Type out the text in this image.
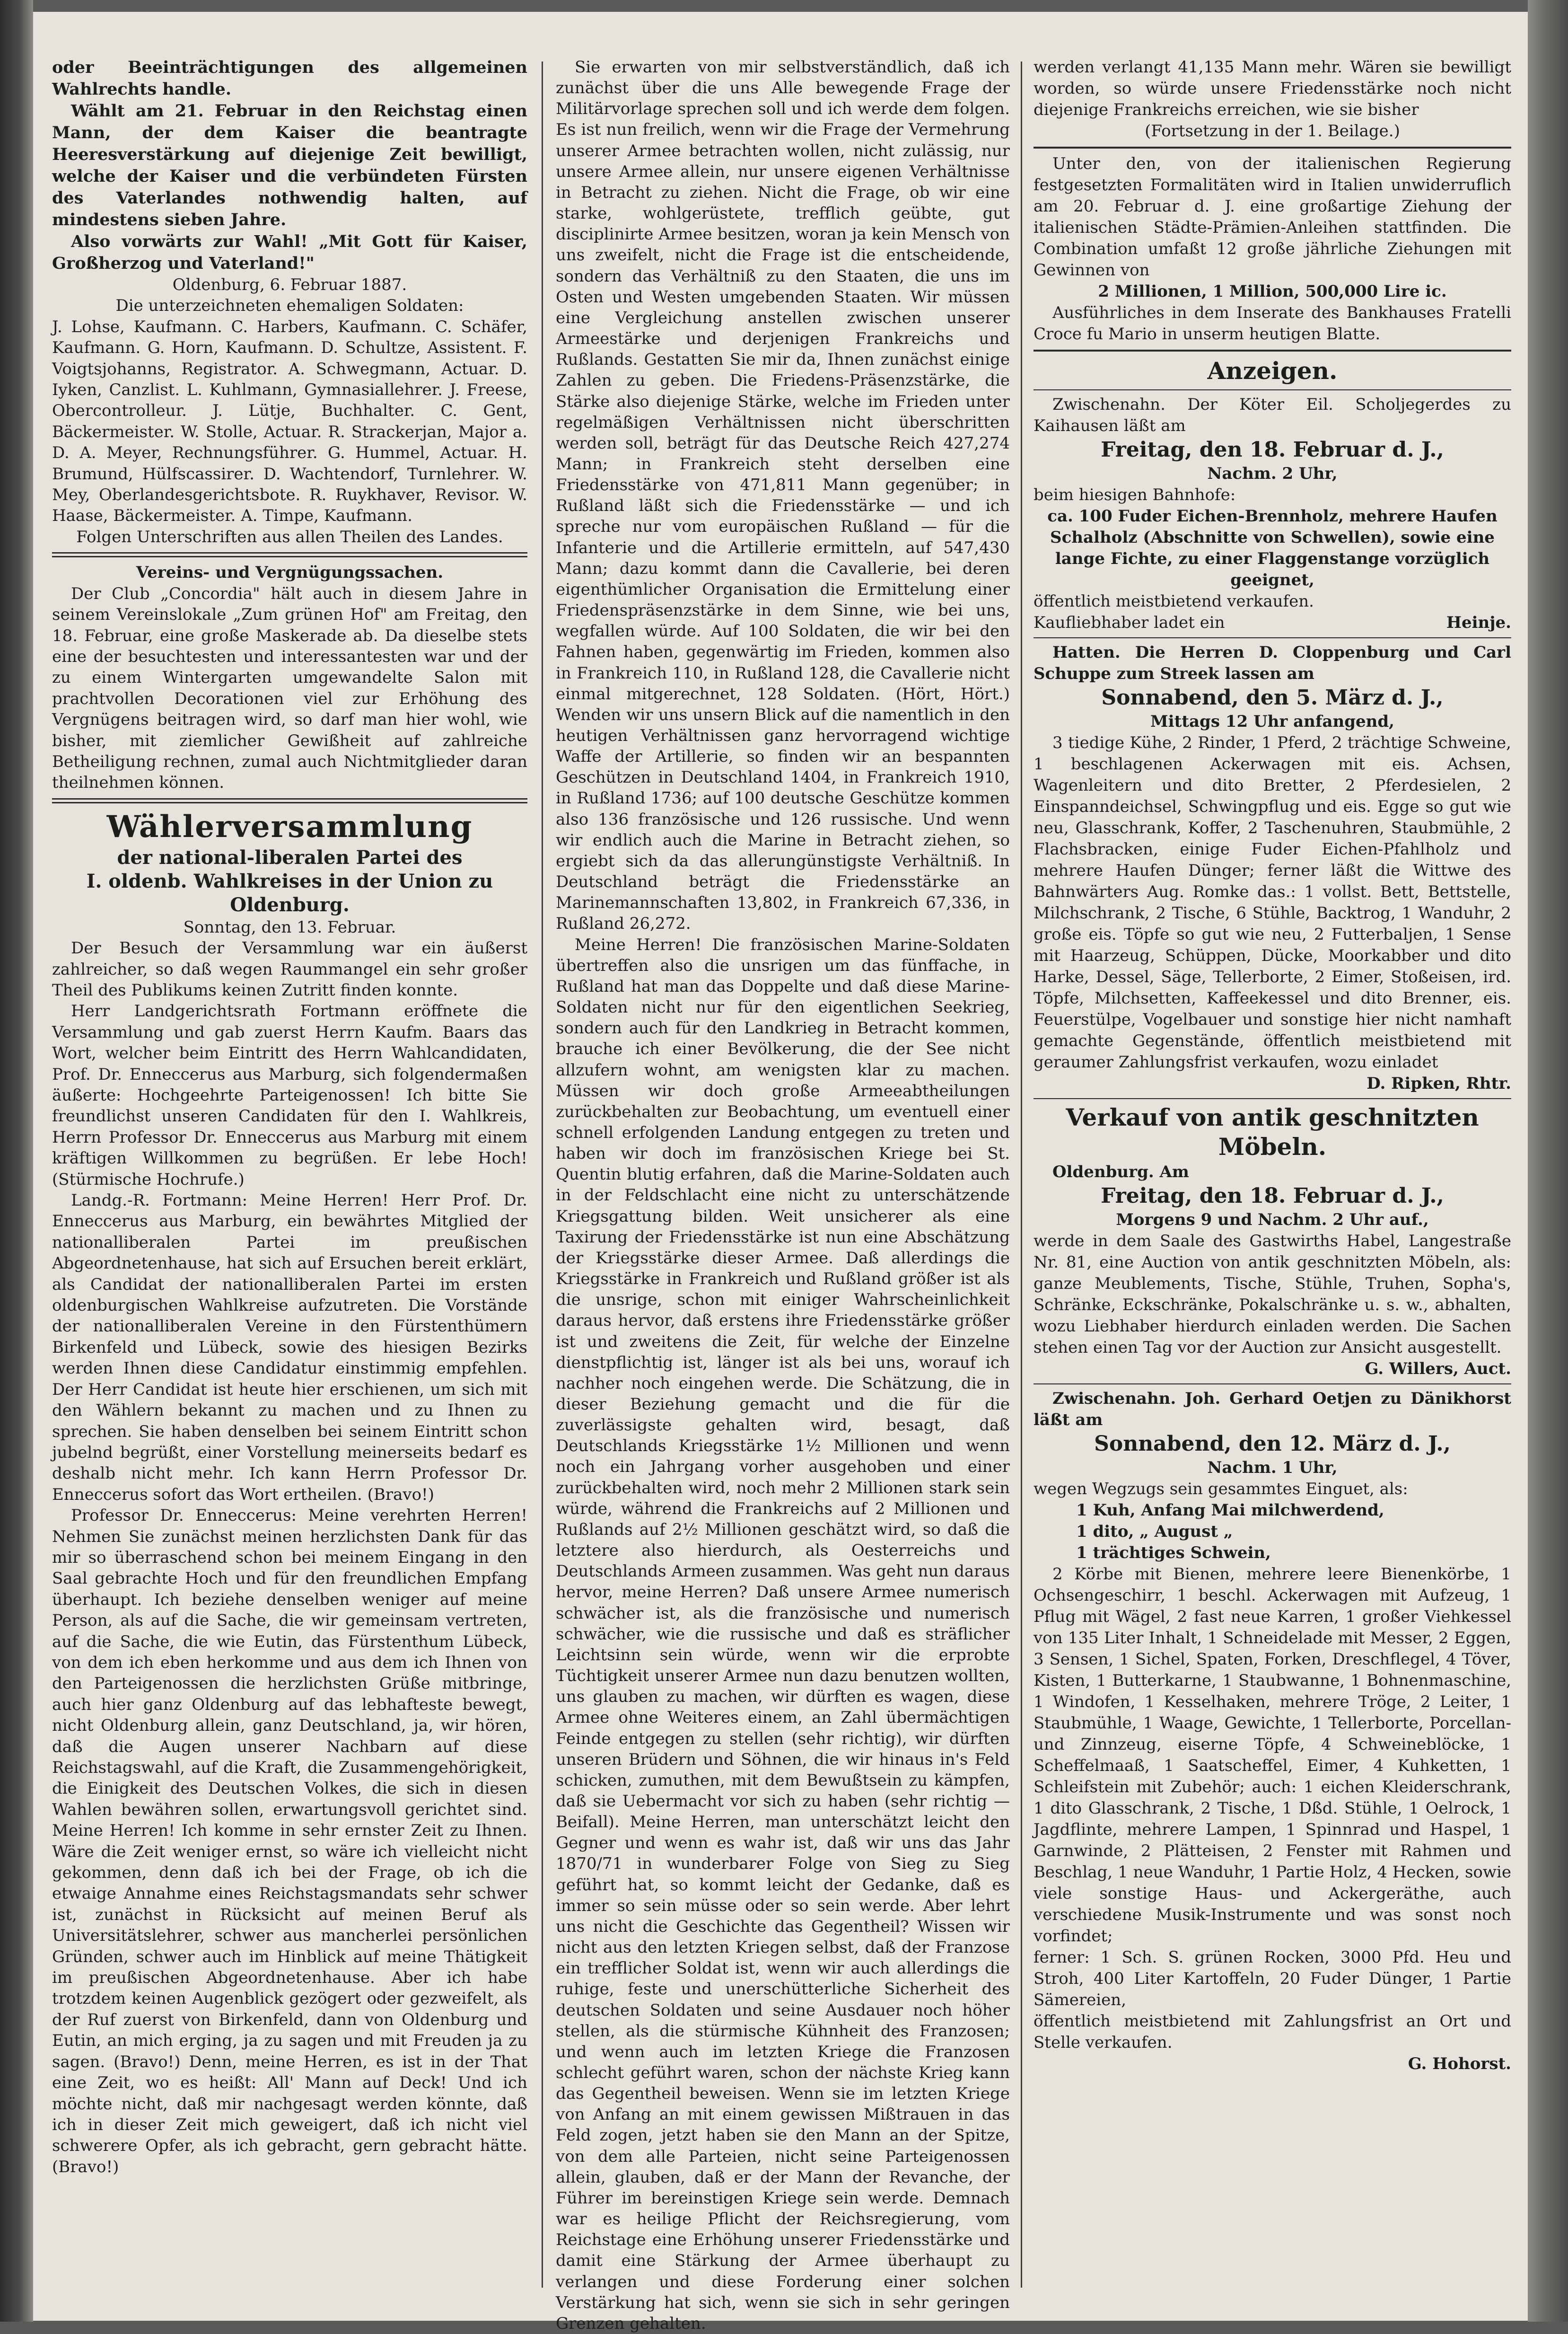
oder Beeinträchtigungen des allgemeinen Wahlrechts handle.

Wählt am 21. Februar in den Reichstag einen Mann, der dem Kaiser die beantragte Heeresverstärkung auf diejenige Zeit bewilligt, welche der Kaiser und die verbündeten Fürsten des Vaterlandes nothwendig halten, auf mindestens sieben Jahre.

Also vorwärts zur Wahl! „Mit Gott für Kaiser, Großherzog und Vaterland!"

Oldenburg, 6. Februar 1887.

Die unterzeichneten ehemaligen Soldaten:

J. Lohse, Kaufmann. C. Harbers, Kaufmann. C. Schäfer, Kaufmann. G. Horn, Kaufmann. D. Schultze, Assistent. F. Voigtsjohanns, Registrator. A. Schwegmann, Actuar. D. Iyken, Canzlist. L. Kuhlmann, Gymnasiallehrer. J. Freese, Obercontrolleur. J. Lütje, Buchhalter. C. Gent, Bäckermeister. W. Stolle, Actuar. R. Strackerjan, Major a. D. A. Meyer, Rechnungsführer. G. Hummel, Actuar. H. Brumund, Hülfscassirer. D. Wachtendorf, Turnlehrer. W. Mey, Oberlandesgerichtsbote. R. Ruykhaver, Revisor. W. Haase, Bäckermeister. A. Timpe, Kaufmann.

Folgen Unterschriften aus allen Theilen des Landes.

Vereins- und Vergnügungssachen.

Der Club „Concordia" hält auch in diesem Jahre in seinem Vereinslokale „Zum grünen Hof" am Freitag, den 18. Februar, eine große Maskerade ab. Da dieselbe stets eine der besuchtesten und interessantesten war und der zu einem Wintergarten umgewandelte Salon mit prachtvollen Decorationen viel zur Erhöhung des Vergnügens beitragen wird, so darf man hier wohl, wie bisher, mit ziemlicher Gewißheit auf zahlreiche Betheiligung rechnen, zumal auch Nichtmitglieder daran theilnehmen können.

Wählerversammlung

der national-liberalen Partei des

I. oldenb. Wahlkreises in der Union zu

Oldenburg.

Sonntag, den 13. Februar.

Der Besuch der Versammlung war ein äußerst zahlreicher, so daß wegen Raummangel ein sehr großer Theil des Publikums keinen Zutritt finden konnte.

Herr Landgerichtsrath Fortmann eröffnete die Versammlung und gab zuerst Herrn Kaufm. Baars das Wort, welcher beim Eintritt des Herrn Wahlcandidaten, Prof. Dr. Enneccerus aus Marburg, sich folgendermaßen äußerte: Hochgeehrte Parteigenossen! Ich bitte Sie freundlichst unseren Candidaten für den I. Wahlkreis, Herrn Professor Dr. Enneccerus aus Marburg mit einem kräftigen Willkommen zu begrüßen. Er lebe Hoch! (Stürmische Hochrufe.)

Landg.-R. Fortmann: Meine Herren! Herr Prof. Dr. Enneccerus aus Marburg, ein bewährtes Mitglied der nationalliberalen Partei im preußischen Abgeordnetenhause, hat sich auf Ersuchen bereit erklärt, als Candidat der nationalliberalen Partei im ersten oldenburgischen Wahlkreise aufzutreten. Die Vorstände der nationalliberalen Vereine in den Fürstenthümern Birkenfeld und Lübeck, sowie des hiesigen Bezirks werden Ihnen diese Candidatur einstimmig empfehlen. Der Herr Candidat ist heute hier erschienen, um sich mit den Wählern bekannt zu machen und zu Ihnen zu sprechen. Sie haben denselben bei seinem Eintritt schon jubelnd begrüßt, einer Vorstellung meinerseits bedarf es deshalb nicht mehr. Ich kann Herrn Professor Dr. Enneccerus sofort das Wort ertheilen. (Bravo!)

Professor Dr. Enneccerus: Meine verehrten Herren! Nehmen Sie zunächst meinen herzlichsten Dank für das mir so überraschend schon bei meinem Eingang in den Saal gebrachte Hoch und für den freundlichen Empfang überhaupt. Ich beziehe denselben weniger auf meine Person, als auf die Sache, die wir gemeinsam vertreten, auf die Sache, die wie Eutin, das Fürstenthum Lübeck, von dem ich eben herkomme und aus dem ich Ihnen von den Parteigenossen die herzlichsten Grüße mitbringe, auch hier ganz Oldenburg auf das lebhafteste bewegt, nicht Oldenburg allein, ganz Deutschland, ja, wir hören, daß die Augen unserer Nachbarn auf diese Reichstagswahl, auf die Kraft, die Zusammengehörigkeit, die Einigkeit des Deutschen Volkes, die sich in diesen Wahlen bewähren sollen, erwartungsvoll gerichtet sind. Meine Herren! Ich komme in sehr ernster Zeit zu Ihnen. Wäre die Zeit weniger ernst, so wäre ich vielleicht nicht gekommen, denn daß ich bei der Frage, ob ich die etwaige Annahme eines Reichstagsmandats sehr schwer ist, zunächst in Rücksicht auf meinen Beruf als Universitätslehrer, schwer aus mancherlei persönlichen Gründen, schwer auch im Hinblick auf meine Thätigkeit im preußischen Abgeordnetenhause. Aber ich habe trotzdem keinen Augenblick gezögert oder gezweifelt, als der Ruf zuerst von Birkenfeld, dann von Oldenburg und Eutin, an mich erging, ja zu sagen und mit Freuden ja zu sagen. (Bravo!) Denn, meine Herren, es ist in der That eine Zeit, wo es heißt: All' Mann auf Deck! Und ich möchte nicht, daß mir nachgesagt werden könnte, daß ich in dieser Zeit mich geweigert, daß ich nicht viel schwerere Opfer, als ich gebracht, gern gebracht hätte. (Bravo!)

Sie erwarten von mir selbstverständlich, daß ich zunächst über die uns Alle bewegende Frage der Militärvorlage sprechen soll und ich werde dem folgen. Es ist nun freilich, wenn wir die Frage der Vermehrung unserer Armee betrachten wollen, nicht zulässig, nur unsere Armee allein, nur unsere eigenen Verhältnisse in Betracht zu ziehen. Nicht die Frage, ob wir eine starke, wohlgerüstete, trefflich geübte, gut disciplinirte Armee besitzen, woran ja kein Mensch von uns zweifelt, nicht die Frage ist die entscheidende, sondern das Verhältniß zu den Staaten, die uns im Osten und Westen umgebenden Staaten. Wir müssen eine Vergleichung anstellen zwischen unserer Armeestärke und derjenigen Frankreichs und Rußlands. Gestatten Sie mir da, Ihnen zunächst einige Zahlen zu geben. Die Friedens-Präsenzstärke, die Stärke also diejenige Stärke, welche im Frieden unter regelmäßigen Verhältnissen nicht überschritten werden soll, beträgt für das Deutsche Reich 427,274 Mann; in Frankreich steht derselben eine Friedensstärke von 471,811 Mann gegenüber; in Rußland läßt sich die Friedensstärke — und ich spreche nur vom europäischen Rußland — für die Infanterie und die Artillerie ermitteln, auf 547,430 Mann; dazu kommt dann die Cavallerie, bei deren eigenthümlicher Organisation die Ermittelung einer Friedenspräsenzstärke in dem Sinne, wie bei uns, wegfallen würde. Auf 100 Soldaten, die wir bei den Fahnen haben, gegenwärtig im Frieden, kommen also in Frankreich 110, in Rußland 128, die Cavallerie nicht einmal mitgerechnet, 128 Soldaten. (Hört, Hört.) Wenden wir uns unsern Blick auf die namentlich in den heutigen Verhältnissen ganz hervorragend wichtige Waffe der Artillerie, so finden wir an bespannten Geschützen in Deutschland 1404, in Frankreich 1910, in Rußland 1736; auf 100 deutsche Geschütze kommen also 136 französische und 126 russische. Und wenn wir endlich auch die Marine in Betracht ziehen, so ergiebt sich da das allerungünstigste Verhältniß. In Deutschland beträgt die Friedensstärke an Marinemannschaften 13,802, in Frankreich 67,336, in Rußland 26,272.

Meine Herren! Die französischen Marine-Soldaten übertreffen also die unsrigen um das fünffache, in Rußland hat man das Doppelte und daß diese Marine-Soldaten nicht nur für den eigentlichen Seekrieg, sondern auch für den Landkrieg in Betracht kommen, brauche ich einer Bevölkerung, die der See nicht allzufern wohnt, am wenigsten klar zu machen. Müssen wir doch große Armeeabtheilungen zurückbehalten zur Beobachtung, um eventuell einer schnell erfolgenden Landung entgegen zu treten und haben wir doch im französischen Kriege bei St. Quentin blutig erfahren, daß die Marine-Soldaten auch in der Feldschlacht eine nicht zu unterschätzende Kriegsgattung bilden. Weit unsicherer als eine Taxirung der Friedensstärke ist nun eine Abschätzung der Kriegsstärke dieser Armee. Daß allerdings die Kriegsstärke in Frankreich und Rußland größer ist als die unsrige, schon mit einiger Wahrscheinlichkeit daraus hervor, daß erstens ihre Friedensstärke größer ist und zweitens die Zeit, für welche der Einzelne dienstpflichtig ist, länger ist als bei uns, worauf ich nachher noch eingehen werde. Die Schätzung, die in dieser Beziehung gemacht und die für die zuverlässigste gehalten wird, besagt, daß Deutschlands Kriegsstärke 1½ Millionen und wenn noch ein Jahrgang vorher ausgehoben und einer zurückbehalten wird, noch mehr 2 Millionen stark sein würde, während die Frankreichs auf 2 Millionen und Rußlands auf 2½ Millionen geschätzt wird, so daß die letztere also hierdurch, als Oesterreichs und Deutschlands Armeen zusammen. Was geht nun daraus hervor, meine Herren? Daß unsere Armee numerisch schwächer ist, als die französische und numerisch schwächer, wie die russische und daß es sträflicher Leichtsinn sein würde, wenn wir die erprobte Tüchtigkeit unserer Armee nun dazu benutzen wollten, uns glauben zu machen, wir dürften es wagen, diese Armee ohne Weiteres einem, an Zahl übermächtigen Feinde entgegen zu stellen (sehr richtig), wir dürften unseren Brüdern und Söhnen, die wir hinaus in's Feld schicken, zumuthen, mit dem Bewußtsein zu kämpfen, daß sie Uebermacht vor sich zu haben (sehr richtig — Beifall). Meine Herren, man unterschätzt leicht den Gegner und wenn es wahr ist, daß wir uns das Jahr 1870/71 in wunderbarer Folge von Sieg zu Sieg geführt hat, so kommt leicht der Gedanke, daß es immer so sein müsse oder so sein werde. Aber lehrt uns nicht die Geschichte das Gegentheil? Wissen wir nicht aus den letzten Kriegen selbst, daß der Franzose ein trefflicher Soldat ist, wenn wir auch allerdings die ruhige, feste und unerschütterliche Sicherheit des deutschen Soldaten und seine Ausdauer noch höher stellen, als die stürmische Kühnheit des Franzosen; und wenn auch im letzten Kriege die Franzosen schlecht geführt waren, schon der nächste Krieg kann das Gegentheil beweisen. Wenn sie im letzten Kriege von Anfang an mit einem gewissen Mißtrauen in das Feld zogen, jetzt haben sie den Mann an der Spitze, von dem alle Parteien, nicht seine Parteigenossen allein, glauben, daß er der Mann der Revanche, der Führer im bereinstigen Kriege sein werde. Demnach war es heilige Pflicht der Reichsregierung, vom Reichstage eine Erhöhung unserer Friedensstärke und damit eine Stärkung der Armee überhaupt zu verlangen und diese Forderung einer solchen Verstärkung hat sich, wenn sie sich in sehr geringen Grenzen gehalten.

werden verlangt 41,135 Mann mehr. Wären sie bewilligt worden, so würde unsere Friedensstärke noch nicht diejenige Frankreichs erreichen, wie sie bisher

(Fortsetzung in der 1. Beilage.)

Unter den, von der italienischen Regierung festgesetzten Formalitäten wird in Italien unwiderruflich am 20. Februar d. J. eine großartige Ziehung der italienischen Städte-Prämien-Anleihen stattfinden. Die Combination umfaßt 12 große jährliche Ziehungen mit Gewinnen von

2 Millionen, 1 Million, 500,000 Lire ic.

Ausführliches in dem Inserate des Bankhauses Fratelli Croce fu Mario in unserm heutigen Blatte.

Anzeigen.

Zwischenahn. Der Köter Eil. Scholjegerdes zu Kaihausen läßt am

Freitag, den 18. Februar d. J.,

Nachm. 2 Uhr,

beim hiesigen Bahnhofe:

ca. 100 Fuder Eichen-Brennholz, mehrere Haufen Schalholz (Abschnitte von Schwellen), sowie eine lange Fichte, zu einer Flaggenstange vorzüglich geeignet,

öffentlich meistbietend verkaufen.

Kaufliebhaber ladet ein	Heinje.

Hatten. Die Herren D. Cloppenburg und Carl Schuppe zum Streek lassen am

Sonnabend, den 5. März d. J.,

Mittags 12 Uhr anfangend,

3 tiedige Kühe, 2 Rinder, 1 Pferd, 2 trächtige Schweine, 1 beschlagenen Ackerwagen mit eis. Achsen, Wagenleitern und dito Bretter, 2 Pferdesielen, 2 Einspanndeichsel, Schwingpflug und eis. Egge so gut wie neu, Glasschrank, Koffer, 2 Taschenuhren, Staubmühle, 2 Flachsbracken, einige Fuder Eichen-Pfahlholz und mehrere Haufen Dünger; ferner läßt die Wittwe des Bahnwärters Aug. Romke das.: 1 vollst. Bett, Bettstelle, Milchschrank, 2 Tische, 6 Stühle, Backtrog, 1 Wanduhr, 2 große eis. Töpfe so gut wie neu, 2 Futterbaljen, 1 Sense mit Haarzeug, Schüppen, Dücke, Moorkabber und dito Harke, Dessel, Säge, Tellerborte, 2 Eimer, Stoßeisen, ird. Töpfe, Milchsetten, Kaffeekessel und dito Brenner, eis. Feuerstülpe, Vogelbauer und sonstige hier nicht namhaft gemachte Gegenstände, öffentlich meistbietend mit geraumer Zahlungsfrist verkaufen, wozu einladet

D. Ripken, Rhtr.

Verkauf von antik geschnitzten

Möbeln.

Oldenburg. Am

Freitag, den 18. Februar d. J.,

Morgens 9 und Nachm. 2 Uhr auf.,

werde in dem Saale des Gastwirths Habel, Langestraße Nr. 81, eine Auction von antik geschnitzten Möbeln, als: ganze Meublements, Tische, Stühle, Truhen, Sopha's, Schränke, Eckschränke, Pokalschränke u. s. w., abhalten, wozu Liebhaber hierdurch einladen werden. Die Sachen stehen einen Tag vor der Auction zur Ansicht ausgestellt.

G. Willers, Auct.

Zwischenahn. Joh. Gerhard Oetjen zu Dänikhorst läßt am

Sonnabend, den 12. März d. J.,

Nachm. 1 Uhr,

wegen Wegzugs sein gesammtes Einguet, als:

1 Kuh, Anfang Mai milchwerdend,

1 dito, „ August „

1 trächtiges Schwein,

2 Körbe mit Bienen, mehrere leere Bienenkörbe, 1 Ochsengeschirr, 1 beschl. Ackerwagen mit Aufzeug, 1 Pflug mit Wägel, 2 fast neue Karren, 1 großer Viehkessel von 135 Liter Inhalt, 1 Schneidelade mit Messer, 2 Eggen, 3 Sensen, 1 Sichel, Spaten, Forken, Dreschflegel, 4 Töver, Kisten, 1 Butterkarne, 1 Staubwanne, 1 Bohnenmaschine, 1 Windofen, 1 Kesselhaken, mehrere Tröge, 2 Leiter, 1 Staubmühle, 1 Waage, Gewichte, 1 Tellerborte, Porcellan- und Zinnzeug, eiserne Töpfe, 4 Schweineblöcke, 1 Scheffelmaaß, 1 Saatscheffel, Eimer, 4 Kuhketten, 1 Schleifstein mit Zubehör; auch: 1 eichen Kleiderschrank, 1 dito Glasschrank, 2 Tische, 1 Dßd. Stühle, 1 Oelrock, 1 Jagdflinte, mehrere Lampen, 1 Spinnrad und Haspel, 1 Garnwinde, 2 Plätteisen, 2 Fenster mit Rahmen und Beschlag, 1 neue Wanduhr, 1 Partie Holz, 4 Hecken, sowie viele sonstige Haus- und Ackergeräthe, auch verschiedene Musik-Instrumente und was sonst noch vorfindet;

ferner: 1 Sch. S. grünen Rocken, 3000 Pfd. Heu und Stroh, 400 Liter Kartoffeln, 20 Fuder Dünger, 1 Partie Sämereien,

öffentlich meistbietend mit Zahlungsfrist an Ort und Stelle verkaufen.

G. Hohorst.
